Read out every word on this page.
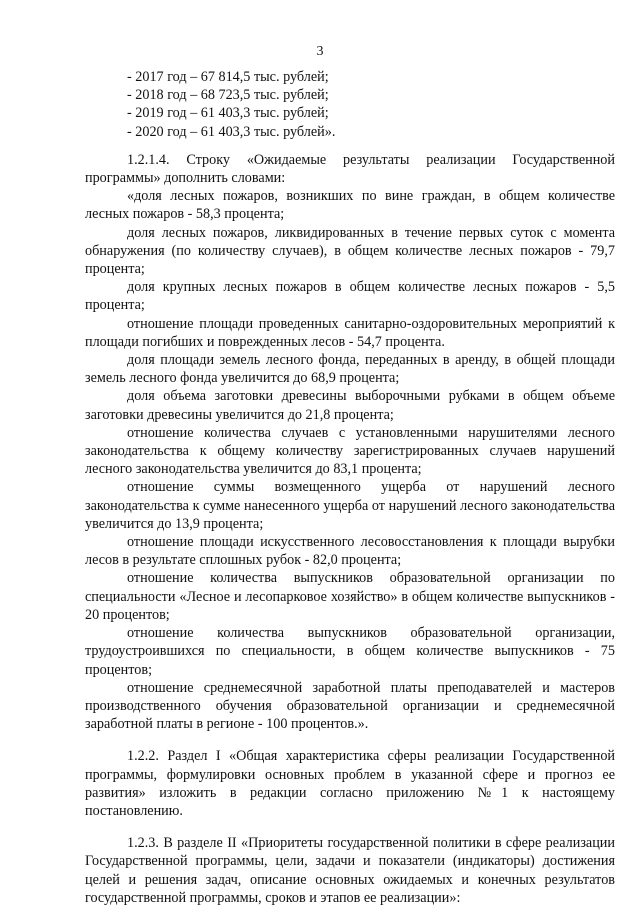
3

- 2017 год – 67 814,5 тыс. рублей;

- 2018 год – 68 723,5 тыс. рублей;

- 2019 год – 61 403,3 тыс. рублей;

- 2020 год – 61 403,3 тыс. рублей».

1.2.1.4. Строку «Ожидаемые результаты реализации Государственной программы» дополнить словами:

«доля лесных пожаров, возникших по вине граждан, в общем количестве лесных пожаров - 58,3 процента;

доля лесных пожаров, ликвидированных в течение первых суток с момента обнаружения (по количеству случаев), в общем количестве лесных пожаров - 79,7 процента;

доля крупных лесных пожаров в общем количестве лесных пожаров - 5,5 процента;

отношение площади проведенных санитарно-оздоровительных мероприятий к площади погибших и поврежденных лесов - 54,7 процента.

доля площади земель лесного фонда, переданных в аренду, в общей площади земель лесного фонда увеличится до 68,9 процента;

доля объема заготовки древесины выборочными рубками в общем объеме заготовки древесины увеличится до 21,8 процента;

отношение количества случаев с установленными нарушителями лесного законодательства к общему количеству зарегистрированных случаев нарушений лесного законодательства увеличится до 83,1 процента;

отношение суммы возмещенного ущерба от нарушений лесного законодательства к сумме нанесенного ущерба от нарушений лесного законодательства увеличится до 13,9 процента;

отношение площади искусственного лесовосстановления к площади вырубки лесов в результате сплошных рубок - 82,0 процента;

отношение количества выпускников образовательной организации по специальности «Лесное и лесопарковое хозяйство» в общем количестве выпускников - 20 процентов;

отношение количества выпускников образовательной организации, трудоустроившихся по специальности, в общем количестве выпускников - 75 процентов;

отношение среднемесячной заработной платы преподавателей и мастеров производственного обучения образовательной организации и среднемесячной заработной платы в регионе - 100 процентов.».

1.2.2. Раздел I «Общая характеристика сферы реализации Государственной программы, формулировки основных проблем в указанной сфере и прогноз ее развития» изложить в редакции согласно приложению №1 к настоящему постановлению.

1.2.3. В разделе II «Приоритеты государственной политики в сфере реализации Государственной программы, цели, задачи и показатели (индикаторы) достижения целей и решения задач, описание основных ожидаемых и конечных результатов государственной программы, сроков и этапов ее реализации»:
